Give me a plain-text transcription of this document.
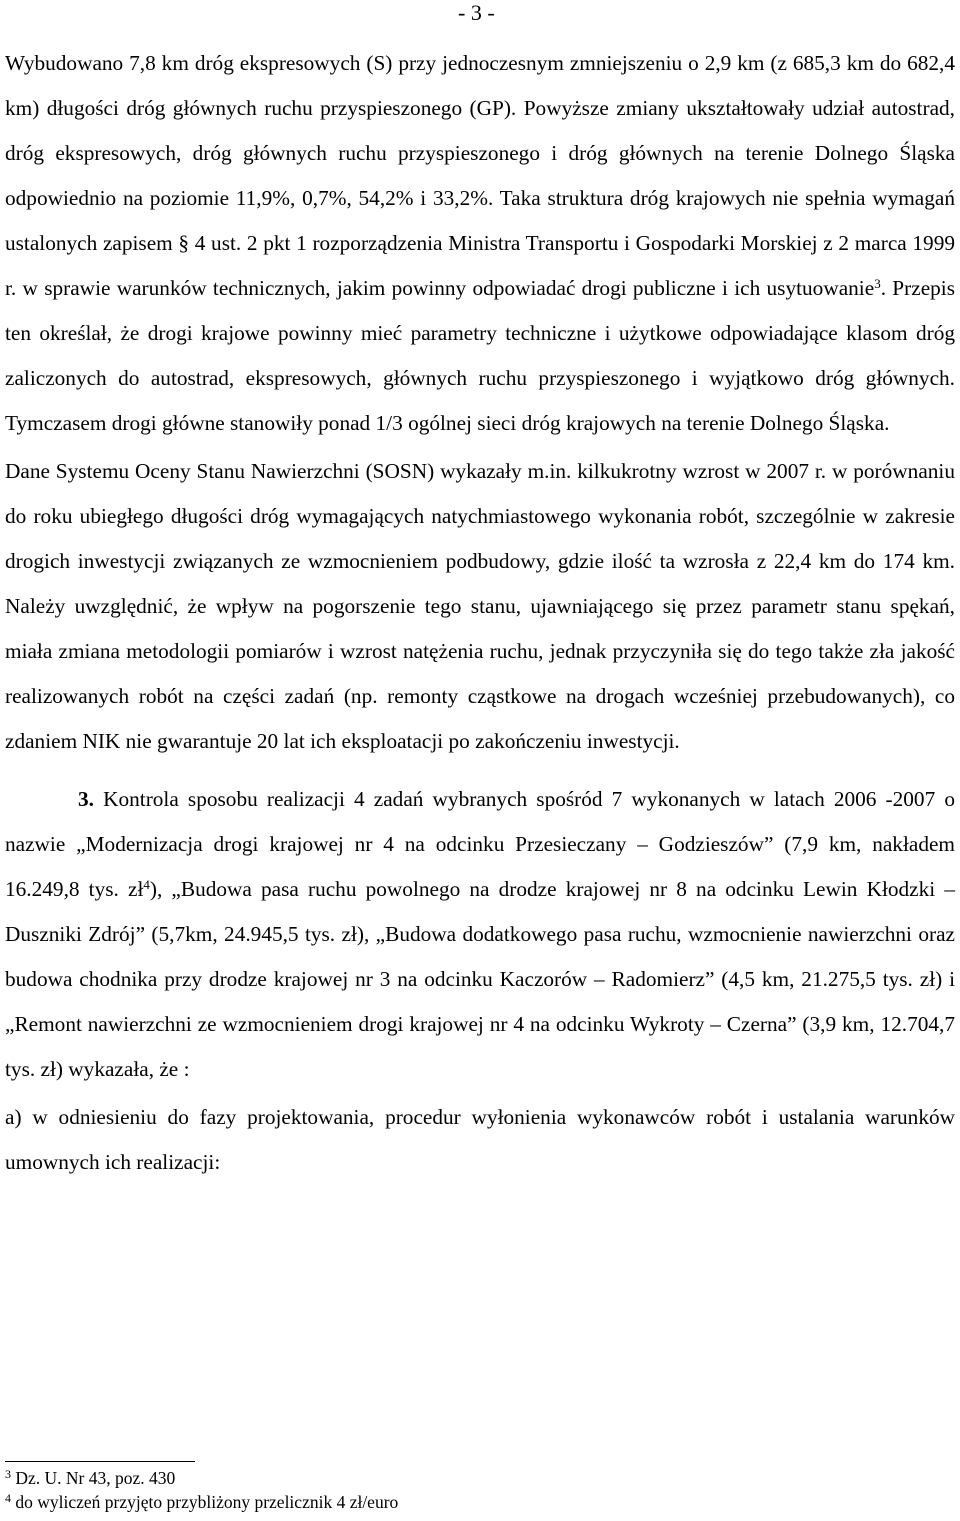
- 3 -

Wybudowano 7,8 km dróg ekspresowych (S) przy jednoczesnym zmniejszeniu o 2,9 km (z 685,3 km do 682,4 km) długości dróg głównych ruchu przyspieszonego (GP). Powyższe zmiany ukształtowały udział autostrad, dróg ekspresowych, dróg głównych ruchu przyspieszonego i dróg głównych na terenie Dolnego Śląska odpowiednio na poziomie 11,9%, 0,7%, 54,2% i 33,2%. Taka struktura dróg krajowych nie spełnia wymagań ustalonych zapisem § 4 ust. 2 pkt 1 rozporządzenia Ministra Transportu i Gospodarki Morskiej z 2 marca 1999 r. w sprawie warunków technicznych, jakim powinny odpowiadać drogi publiczne i ich usytuowanie$^3$. Przepis ten określał, że drogi krajowe powinny mieć parametry techniczne i użytkowe odpowiadające klasom dróg zaliczonych do autostrad, ekspresowych, głównych ruchu przyspieszonego i wyjątkowo dróg głównych. Tymczasem drogi główne stanowiły ponad 1/3 ogólnej sieci dróg krajowych na terenie Dolnego Śląska.

Dane Systemu Oceny Stanu Nawierzchni (SOSN) wykazały m.in. kilkukrotny wzrost w 2007 r. w porównaniu do roku ubiegłego długości dróg wymagających natychmiastowego wykonania robót, szczególnie w zakresie drogich inwestycji związanych ze wzmocnieniem podbudowy, gdzie ilość ta wzrosła z 22,4 km do 174 km. Należy uwzględnić, że wpływ na pogorszenie tego stanu, ujawniającego się przez parametr stanu spękań, miała zmiana metodologii pomiarów i wzrost natężenia ruchu, jednak przyczyniła się do tego także zła jakość realizowanych robót na części zadań (np. remonty cząstkowe na drogach wcześniej przebudowanych), co zdaniem NIK nie gwarantuje 20 lat ich eksploatacji po zakończeniu inwestycji.

3. Kontrola sposobu realizacji 4 zadań wybranych spośród 7 wykonanych w latach 2006 -2007 o nazwie „Modernizacja drogi krajowej nr 4 na odcinku Przesieczany – Godzieszów” (7,9 km, nakładem 16.249,8 tys. $zł^4$), „Budowa pasa ruchu powolnego na drodze krajowej nr 8 na odcinku Lewin Kłodzki – Duszniki Zdrój” (5,7km, 24.945,5 tys. zł), „Budowa dodatkowego pasa ruchu, wzmocnienie nawierzchni oraz budowa chodnika przy drodze krajowej nr 3 na odcinku Kaczorów – Radomierz” (4,5 km, 21.275,5 tys. zł) i „Remont nawierzchni ze wzmocnieniem drogi krajowej nr 4 na odcinku Wykroty – Czerna” (3,9 km, 12.704,7 tys. zł) wykazała, że :

a) w odniesieniu do fazy projektowania, procedur wyłonienia wykonawców robót i ustalania warunków umownych ich realizacji:

$^3$ Dz. U. Nr 43, poz. 430
$^4$ do wyliczeń przyjęto przybliżony przelicznik 4 zł/euro
